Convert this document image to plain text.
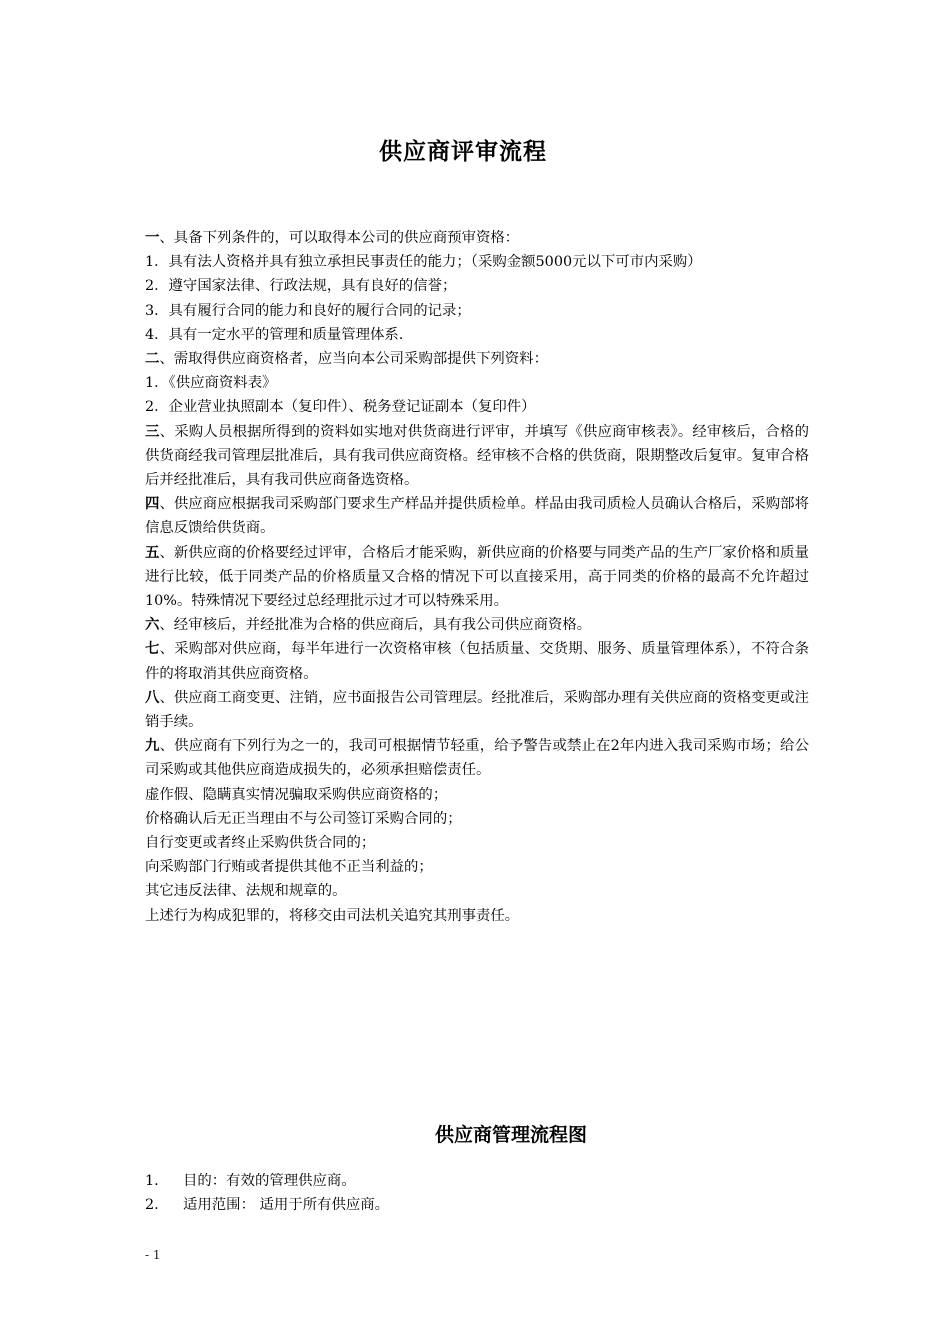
供应商评审流程

一、具备下列条件的，可以取得本公司的供应商预审资格：

1．具有法人资格并具有独立承担民事责任的能力；（采购金额5000元以下可市内采购）

2．遵守国家法律、行政法规，具有良好的信誉；

3．具有履行合同的能力和良好的履行合同的记录；

4．具有一定水平的管理和质量管理体系.

二、需取得供应商资格者，应当向本公司采购部提供下列资料：

1．《供应商资料表》

2．企业营业执照副本（复印件）、税务登记证副本（复印件）

三、采购人员根据所得到的资料如实地对供货商进行评审，并填写《供应商审核表》。经审核后，合格的供货商经我司管理层批准后，具有我司供应商资格。经审核不合格的供货商，限期整改后复审。复审合格后并经批准后，具有我司供应商备选资格。

四、供应商应根据我司采购部门要求生产样品并提供质检单。样品由我司质检人员确认合格后，采购部将信息反馈给供货商。

五、新供应商的价格要经过评审，合格后才能采购，新供应商的价格要与同类产品的生产厂家价格和质量进行比较，低于同类产品的价格质量又合格的情况下可以直接采用，高于同类的价格的最高不允许超过10%。特殊情况下要经过总经理批示过才可以特殊采用。

六、经审核后，并经批准为合格的供应商后，具有我公司供应商资格。

七、采购部对供应商，每半年进行一次资格审核（包括质量、交货期、服务、质量管理体系），不符合条件的将取消其供应商资格。

八、供应商工商变更、注销，应书面报告公司管理层。经批准后，采购部办理有关供应商的资格变更或注销手续。

九、供应商有下列行为之一的，我司可根据情节轻重，给予警告或禁止在2年内进入我司采购市场；给公司采购或其他供应商造成损失的，必须承担赔偿责任。

虚作假、隐瞒真实情况骗取采购供应商资格的；

价格确认后无正当理由不与公司签订采购合同的；

自行变更或者终止采购供货合同的；

向采购部门行贿或者提供其他不正当利益的；

其它违反法律、法规和规章的。

上述行为构成犯罪的，将移交由司法机关追究其刑事责任。

供应商管理流程图
1.	目的：有效的管理供应商。
2.	适用范围： 适用于所有供应商。
- 1
